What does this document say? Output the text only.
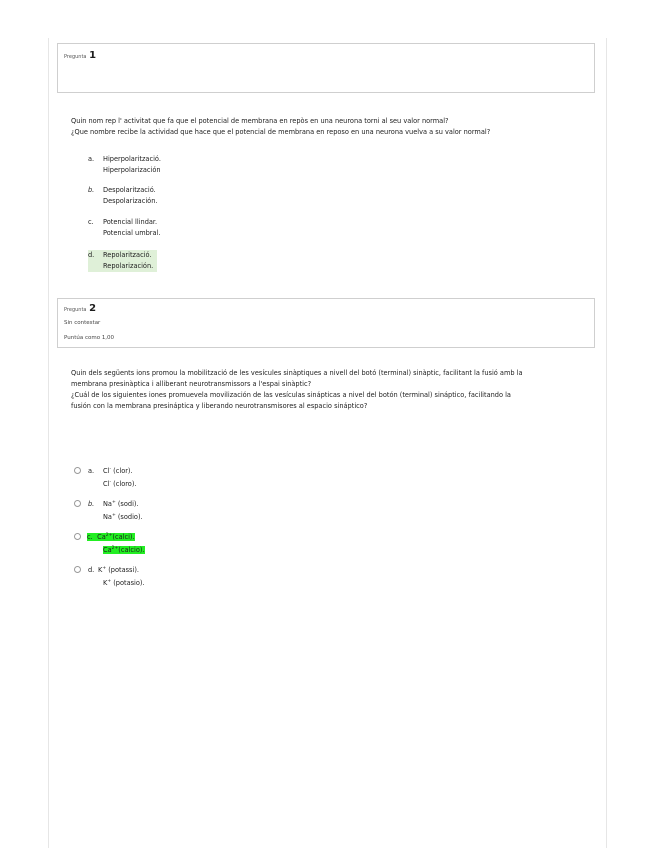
Pregunta 1
Quin nom rep l' activitat que fa que el potencial de membrana en repòs en una neurona torni al seu valor normal?
¿Que nombre recibe la actividad que hace que el potencial de membrana en reposo en una neurona vuelva a su valor normal?
a. Hiperpolarització.
Hiperpolarización
b. Despolarització.
Despolarización.
c. Potencial llindar.
Potencial umbral.
d. Repolarització.
Repolarización.
Pregunta 2
Sin contestar
Puntúa como 1,00
Quin dels següents ions promou la mobilització de les vesícules sinàptiques a nivell del botó (terminal) sinàptic, facilitant la fusió amb la
membrana presinàptica i alliberant neurotransmissors a l'espai sinàptic?
¿Cuál de los siguientes iones promuevela movilización de las vesículas sinápticas a nivel del botón (terminal) sináptico, facilitando la
fusión con la membrana presináptica y liberando neurotransmisores al espacio sináptico?
a. Cl- (clor).
Cl- (cloro).
b. Na+ (sodi).
Na+ (sodio).
c. $Ca^{2+}(calci)$.
$Ca^{2+}(calcio)$.
d. K+ (potassi).
K+ (potasio).
